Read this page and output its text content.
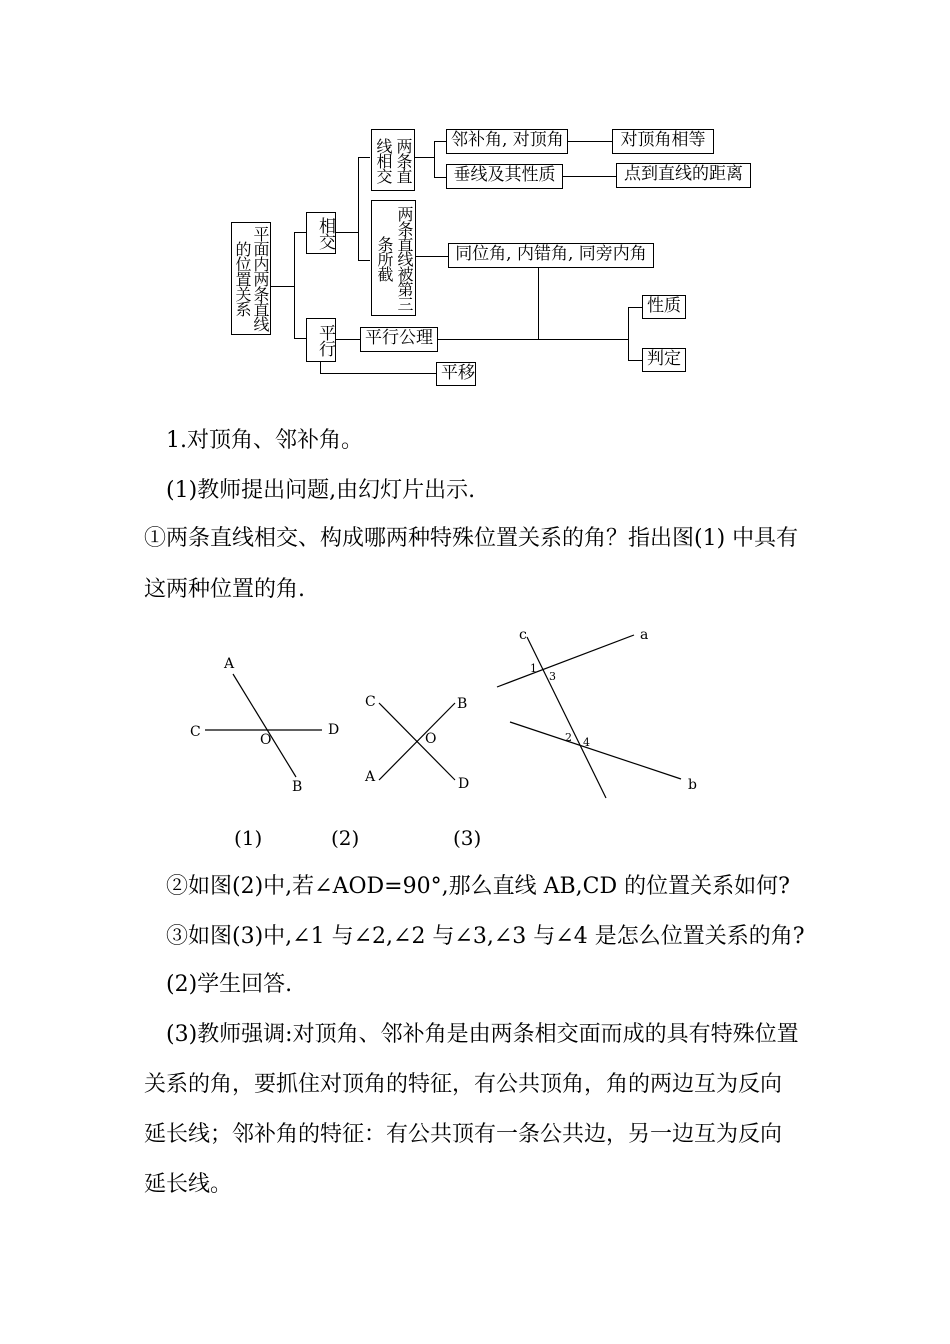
平面内两条直线的位置关系
相交
平行
两条直线相交
两条直线被第三条所截
邻补角, 对顶角	对顶角相等
垂线及其性质	点到直线的距离
同位角, 内错角, 同旁内角
平行公理
平移
性质
判定
1.对顶角、邻补角。
(1)教师提出问题,由幻灯片出示.
①两条直线相交、构成哪两种特殊位置关系的角？指出图(1) 中具有
这两种位置的角.
A
C	O
D
B
C	B
O
A	D
c	a
1
3
2 4
b
(1)	(2)	(3)
②如图(2)中,若∠AOD=90°,那么直线 AB,CD 的位置关系如何?
③如图(3)中,∠1 与∠2,∠2 与∠3,∠3 与∠4 是怎么位置关系的角?
(2)学生回答.
(3)教师强调:对顶角、邻补角是由两条相交面而成的具有特殊位置
关系的角，要抓住对顶角的特征，有公共顶角，角的两边互为反向
延长线；邻补角的特征：有公共顶有一条公共边，另一边互为反向
延长线。
